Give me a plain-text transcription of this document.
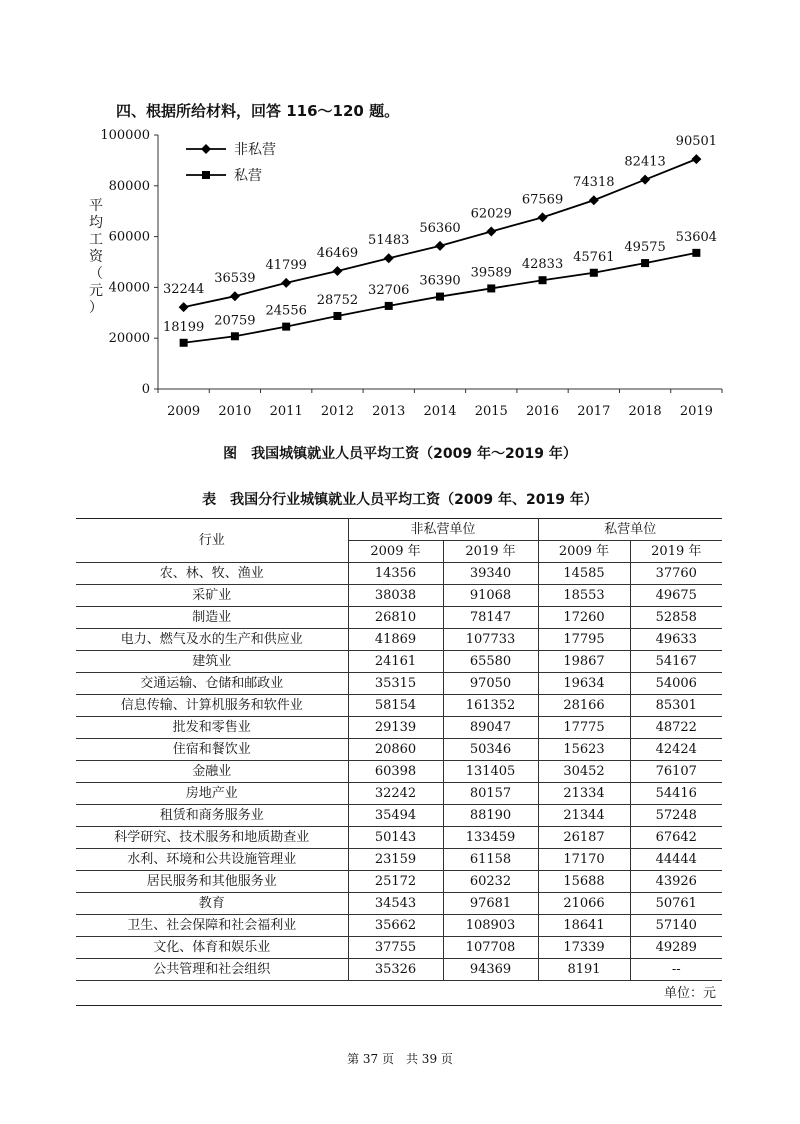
四、根据所给材料，回答 116～120 题。
0
20000
40000
60000
80000
100000
2009 2010 2011 2012 2013 2014 2015 2016 2017 2018 2019
平
均
工
资
（
元
）
32244
36539
41799
46469
51483
56360
62029
67569
74318
82413
90501
18199 20759
24556
28752
32706
36390
39589
42833 45761
49575
53604
非私营
私营
图　我国城镇就业人员平均工资（2009 年～2019 年）
表　我国分行业城镇就业人员平均工资（2009 年、2019 年）
行业	非私营单位		私营单位	
	2009 年	2019 年	2009 年	2019 年
农、林、牧、渔业	14356	39340	14585	37760
采矿业	38038	91068	18553	49675
制造业	26810	78147	17260	52858
电力、燃气及水的生产和供应业	41869	107733	17795	49633
建筑业	24161	65580	19867	54167
交通运输、仓储和邮政业	35315	97050	19634	54006
信息传输、计算机服务和软件业	58154	161352	28166	85301
批发和零售业	29139	89047	17775	48722
住宿和餐饮业	20860	50346	15623	42424
金融业	60398	131405	30452	76107
房地产业	32242	80157	21334	54416
租赁和商务服务业	35494	88190	21344	57248
科学研究、技术服务和地质勘查业	50143	133459	26187	67642
水利、环境和公共设施管理业	23159	61158	17170	44444
居民服务和其他服务业	25172	60232	15688	43926
教育	34543	97681	21066	50761
卫生、社会保障和社会福利业	35662	108903	18641	57140
文化、体育和娱乐业	37755	107708	17339	49289
公共管理和社会组织	35326	94369	8191	--
单位：元				
第 37 页　共 39 页
